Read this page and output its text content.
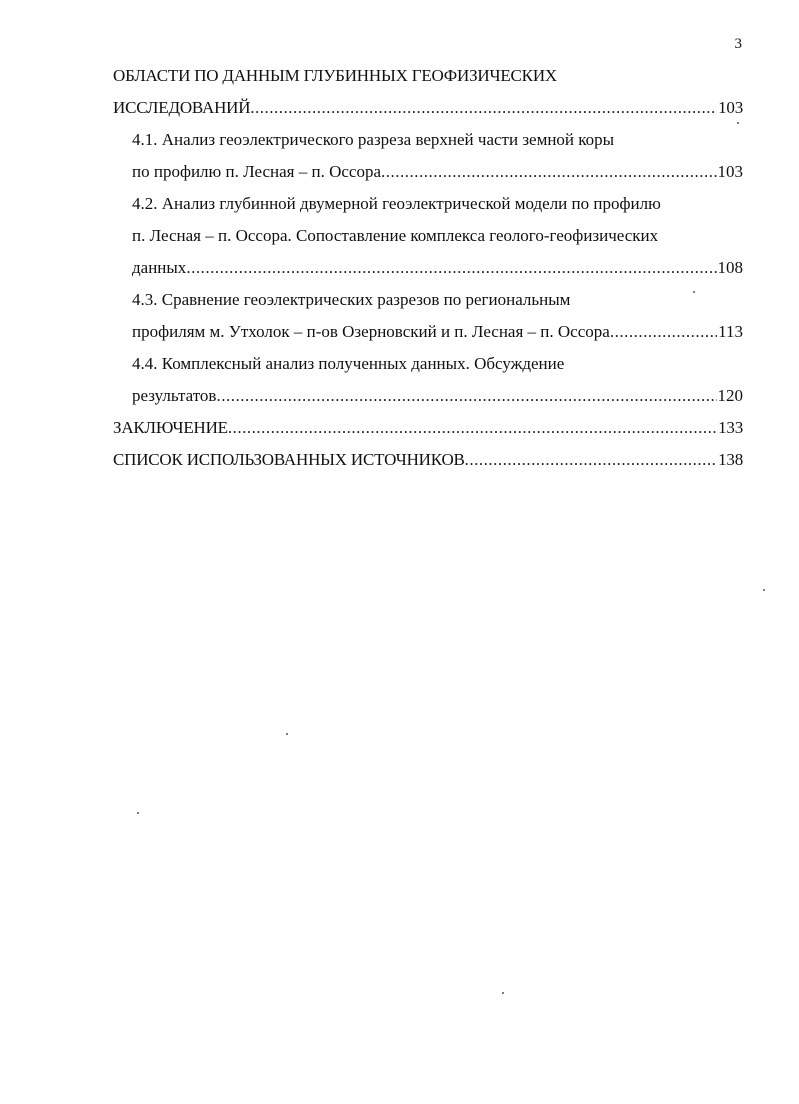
3
ОБЛАСТИ ПО ДАННЫМ ГЛУБИННЫХ ГЕОФИЗИЧЕСКИХ
ИССЛЕДОВАНИЙ .....	103
4.1. Анализ геоэлектрического разреза верхней части земной коры
по профилю п. Лесная – п. Оссора .....	103
4.2. Анализ глубинной двумерной геоэлектрической модели по профилю
п. Лесная – п. Оссора. Сопоставление комплекса геолого-геофизических
данных .....	108
4.3. Сравнение геоэлектрических разрезов по региональным
профилям м. Утхолок – п-ов Озерновский и п. Лесная – п. Оссора .....	113
4.4. Комплексный анализ полученных данных. Обсуждение
результатов .....	120
ЗАКЛЮЧЕНИЕ .....	133
СПИСОК ИСПОЛЬЗОВАННЫХ ИСТОЧНИКОВ .....	138
